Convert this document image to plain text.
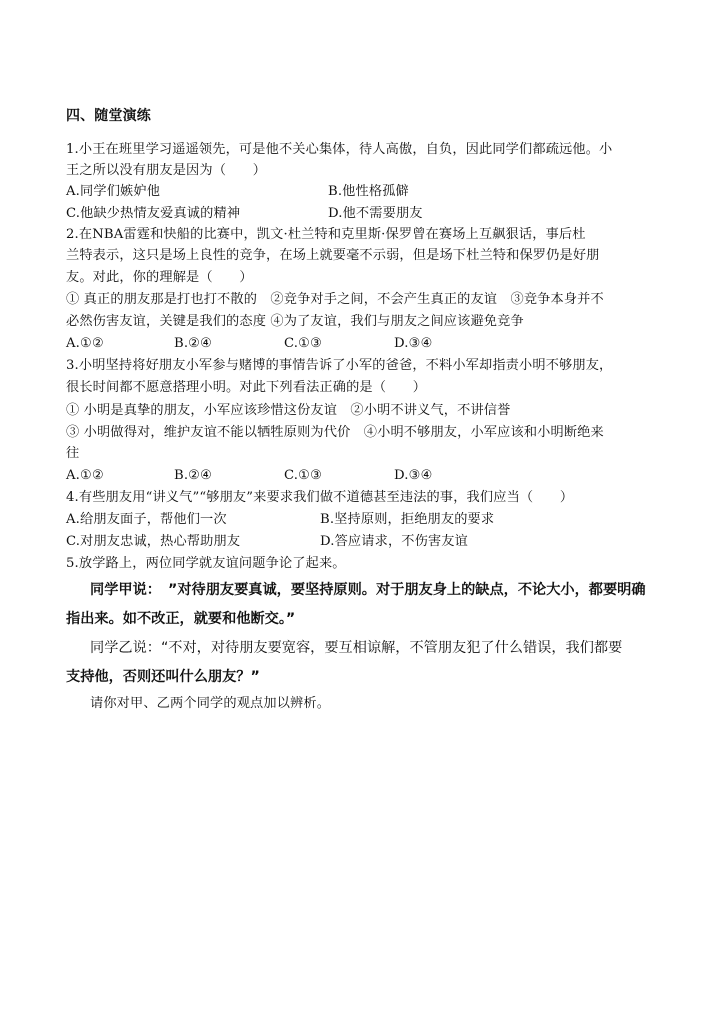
四、随堂演练
1.小王在班里学习遥遥领先，可是他不关心集体，待人高傲，自负，因此同学们都疏远他。小
王之所以没有朋友是因为（　　）
A.同学们嫉妒他	B.他性格孤僻
C.他缺少热情友爱真诚的精神	D.他不需要朋友
2.在NBA雷霆和快船的比赛中，凯文·杜兰特和克里斯·保罗曾在赛场上互飙狠话，事后杜
兰特表示，这只是场上良性的竞争，在场上就要毫不示弱，但是场下杜兰特和保罗仍是好朋
友。对此，你的理解是（　　）
① 真正的朋友那是打也打不散的　②竞争对手之间，不会产生真正的友谊　③竞争本身并不
必然伤害友谊，关键是我们的态度 ④为了友谊，我们与朋友之间应该避免竞争
A.①②	B.②④	C.①③	D.③④
3.小明坚持将好朋友小军参与赌博的事情告诉了小军的爸爸，不料小军却指责小明不够朋友，
很长时间都不愿意搭理小明。对此下列看法正确的是（　　）
① 小明是真挚的朋友，小军应该珍惜这份友谊　②小明不讲义气，不讲信誉
③ 小明做得对，维护友谊不能以牺牲原则为代价　④小明不够朋友，小军应该和小明断绝来
往
A.①②	B.②④	C.①③	D.③④
4.有些朋友用“讲义气”“够朋友”来要求我们做不道德甚至违法的事，我们应当（　　）
A.给朋友面子，帮他们一次	B.坚持原则，拒绝朋友的要求
C.对朋友忠诚，热心帮助朋友	D.答应请求，不伤害友谊
5.放学路上，两位同学就友谊问题争论了起来。
同学甲说：　”对待朋友要真诚，要坚持原则。对于朋友身上的缺点，不论大小，都要明确
指出来。如不改正，就要和他断交。”
同学乙说：“不对，对待朋友要宽容，要互相谅解，不管朋友犯了什么错误，我们都要
支持他，否则还叫什么朋友？”
请你对甲、乙两个同学的观点加以辨析。
